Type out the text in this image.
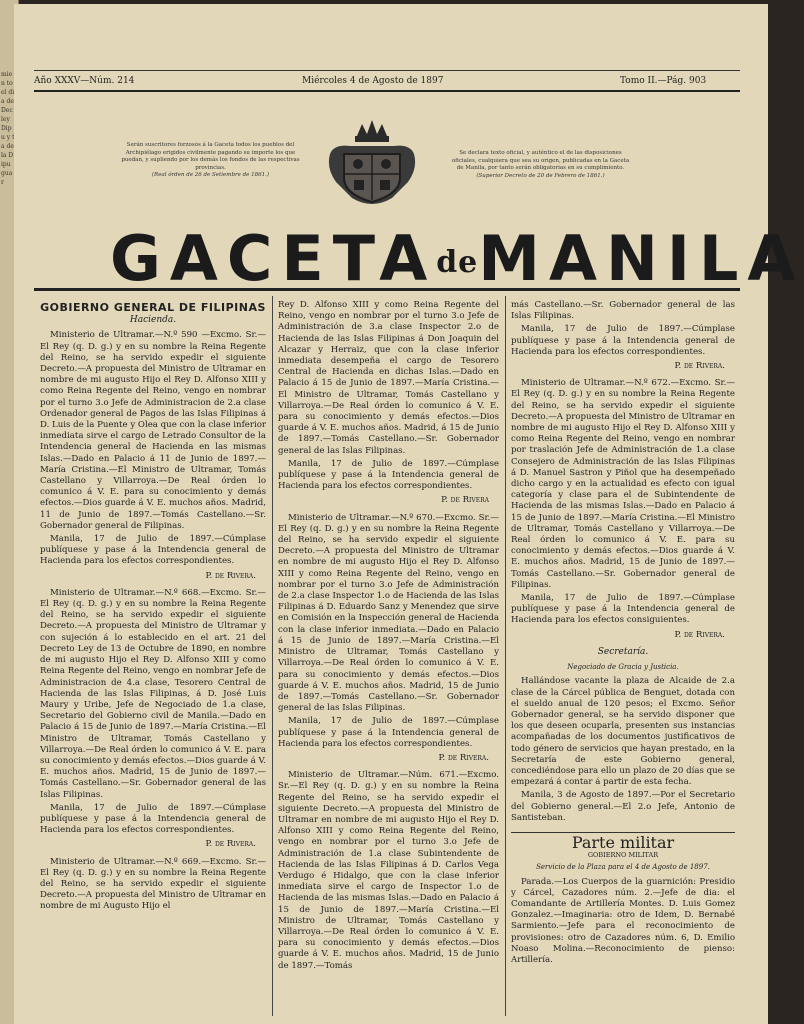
mien to el dia de Dec ley Dipu y ta de la Dipu guar
Año XXXV—Núm. 214	Miércoles 4 de Agosto de 1897	Tomo II.—Pág. 903
Serán suscritores forzosos á la Gaceta todos los pueblos del Archipiélago erigidos civilmente pagando su importe los que puedan, y supliendo por los demás los fondos de las respectivas provincias.
(Real órden de 26 de Setiembre de 1861.)
Se declara texto oficial, y auténtico el de las disposiciones oficiales, cualquiera que sea su origen, publicadas en la Gaceta de Manila, por tanto serán obligatorias en su cumplimiento.
(Superior Decreto de 20 de Febrero de 1861.)
GACETAdeMANILA

GOBIERNO GENERAL DE FILIPINAS

Hacienda.

Ministerio de Ultramar.—N.º 590 —Excmo. Sr.—El Rey (q. D. g.) y en su nombre la Reina Regente del Reino, se ha servido expedir el siguiente Decreto.—A propuesta del Ministro de Ultramar en nombre de mi augusto Hijo el Rey D. Alfonso XIII y como Reina Regente del Reino, vengo en nombrar por el turno 3.o Jefe de Administracion de 2.a clase Ordenador general de Pagos de las Islas Filipinas á D. Luis de la Puente y Olea que con la clase inferior inmediata sirve el cargo de Letrado Consultor de la Intendencia general de Hacienda en las mismas Islas.—Dado en Palacio á 11 de Junio de 1897.—María Cristina.—El Ministro de Ultramar, Tomás Castellano y Villarroya.—De Real órden lo comunico á V. E. para su conocimiento y demás efectos.—Dios guarde á V. E. muchos años. Madrid, 11 de Junio de 1897.—Tomás Castellano.—Sr. Gobernador general de Filipinas.

Manila, 17 de Julio de 1897.—Cúmplase publíquese y pase á la Intendencia general de Hacienda para los efectos correspondientes.

P. de Rivera.

Ministerio de Ultramar.—N.º 668.—Excmo. Sr.—El Rey (q. D. g.) y en su nombre la Reina Regente del Reino, se ha servido expedir el siguiente Decreto.—A propuesta del Ministro de Ultramar y con sujeción á lo establecido en el art. 21 del Decreto Ley de 13 de Octubre de 1890, en nombre de mi augusto Hijo el Rey D. Alfonso XIII y como Reina Regente del Reino, vengo en nombrar Jefe de Administracion de 4.a clase, Tesorero Central de Hacienda de las Islas Filipinas, á D. José Luis Maury y Uribe, Jefe de Negociado de 1.a clase, Secretario del Gobierno civil de Manila.—Dado en Palacio á 15 de Junio de 1897.—María Cristina.—El Ministro de Ultramar, Tomás Castellano y Villarroya.—De Real órden lo comunico á V. E. para su conocimiento y demás efectos.—Dios guarde á V. E. muchos años. Madrid, 15 de Junio de 1897.—Tomás Castellano.—Sr. Gobernador general de las Islas Filipinas.

Manila, 17 de Julio de 1897.—Cúmplase publíquese y pase á la Intendencia general de Hacienda para los efectos correspondientes.

P. de Rivera.

Ministerio de Ultramar.—N.º 669.—Excmo. Sr.—El Rey (q. D. g.) y en su nombre la Reina Regente del Reino, se ha servido expedir el siguiente Decreto.—A propuesta del Ministro de Ultramar en nombre de mi Augusto Hijo el

Rey D. Alfonso XIII y como Reina Regente del Reino, vengo en nombrar por el turno 3.o Jefe de Administración de 3.a clase Inspector 2.o de Hacienda de las Islas Filipinas á Don Joaquin del Alcazar y Herraiz, que con la clase inferior inmediata desempeña el cargo de Tesorero Central de Hacienda en dichas Islas.—Dado en Palacio á 15 de Junio de 1897.—María Cristina.—El Ministro de Ultramar, Tomás Castellano y Villarroya.—De Real órden lo comunico á V. E. para su conocimiento y demás efectos.—Dios guarde á V. E. muchos años. Madrid, á 15 de Junio de 1897.—Tomás Castellano.—Sr. Gobernador general de las Islas Filipinas.

Manila, 17 de Julio de 1897.—Cúmplase publíquese y pase á la Intendencia general de Hacienda para los efectos correspondientes.

P. de Rivera

Ministerio de Ultramar.—N.º 670.—Excmo. Sr.—El Rey (q. D. g.) y en su nombre la Reina Regente del Reino, se ha servido expedir el siguiente Decreto.—A propuesta del Ministro de Ultramar en nombre de mi augusto Hijo el Rey D. Alfonso XIII y como Reina Regente del Reino, vengo en nombrar por el turno 3.o Jefe de Administración de 2.a clase Inspector 1.o de Hacienda de las Islas Filipinas á D. Eduardo Sanz y Menendez que sirve en Comisión en la Inspección general de Hacienda con la clase inferior inmediata.—Dado en Palacio á 15 de Junio de 1897.—María Cristina.—El Ministro de Ultramar, Tomás Castellano y Villarroya.—De Real órden lo comunico á V. E. para su conocimiento y demás efectos.—Dios guarde á V. E. muchos años. Madrid, 15 de Junio de 1897.—Tomás Castellano.—Sr. Gobernador general de las Islas Filipinas.

Manila, 17 de Julio de 1897.—Cúmplase publíquese y pase á la Intendencia general de Hacienda para los efectos correspondientes.

P. de Rivera.

Ministerio de Ultramar.—Núm. 671.—Excmo. Sr.—El Rey (q. D. g.) y en su nombre la Reina Regente del Reino, se ha servido expedir el siguiente Decreto.—A propuesta del Ministro de Ultramar en nombre de mi augusto Hijo el Rey D. Alfonso XIII y como Reina Regente del Reino, vengo en nombrar por el turno 3.o Jefe de Administración de 1.a clase Subintendente de Hacienda de las Islas Filipinas á D. Carlos Vega Verdugo é Hidalgo, que con la clase inferior inmediata sirve el cargo de Inspector 1.o de Hacienda de las mismas Islas.—Dado en Palacio á 15 de Junio de 1897.—María Cristina.—El Ministro de Ultramar, Tomás Castellano y Villarroya.—De Real órden lo comunico á V. E. para su conocimiento y demás efectos.—Dios guarde á V. E. muchos años. Madrid, 15 de Junio de 1897.—Tomás

más Castellano.—Sr. Gobernador general de las Islas Filipinas.

Manila, 17 de Julio de 1897.—Cúmplase publíquese y pase á la Intendencia general de Hacienda para los efectos correspondientes.

P. de Rivera.

Ministerio de Ultramar.—N.º 672.—Excmo. Sr.—El Rey (q. D. g.) y en su nombre la Reina Regente del Reino, se ha servido expedir el siguiente Decreto.—A propuesta del Ministro de Ultramar en nombre de mi augusto Hijo el Rey D. Alfonso XIII y como Reina Regente del Reino, vengo en nombrar por traslación Jefe de Administración de 1.a clase Consejero de Administración de las Islas Filipinas á D. Manuel Sastron y Piñol que ha desempeñado dicho cargo y en la actualidad es efecto con igual categoría y clase para el de Subintendente de Hacienda de las mismas Islas.—Dado en Palacio á 15 de Junio de 1897.—María Cristina.—El Ministro de Ultramar, Tomás Castellano y Villarroya.—De Real órden lo comunico á V. E. para su conocimiento y demás efectos.—Dios guarde á V. E. muchos años. Madrid, 15 de Junio de 1897.—Tomás Castellano.—Sr. Gobernador general de Filipinas.

Manila, 17 de Julio de 1897.—Cúmplase publíquese y pase á la Intendencia general de Hacienda para los efectos consiguientes.

P. de Rivera.

Secretaría.

Negociado de Gracia y Justicia.

Hallándose vacante la plaza de Alcaide de 2.a clase de la Cárcel pública de Benguet, dotada con el sueldo anual de 120 pesos; el Excmo. Señor Gobernador general, se ha servido disponer que los que deseen ocuparla, presenten sus instancias acompañadas de los documentos justificativos de todo género de servicios que hayan prestado, en la Secretaría de este Gobierno general, concediéndose para ello un plazo de 20 días que se empezará á contar á partir de esta fecha.

Manila, 3 de Agosto de 1897.—Por el Secretario del Gobierno general.—El 2.o Jefe, Antonio de Santisteban.

Parte militar

GOBIERNO MILITAR

Servicio de la Plaza para el 4 de Agosto de 1897.

Parada.—Los Cuerpos de la guarnición: Presidio y Cárcel, Cazadores núm. 2.—Jefe de dia: el Comandante de Artillería Montes. D. Luis Gomez Gonzalez.—Imaginaria: otro de Idem, D. Bernabé Sarmiento.—Jefe para el reconocimiento de provisiones: otro de Cazadores núm. 6, D. Emilio Noaso Molina.—Reconocimiento de pienso: Artillería.
